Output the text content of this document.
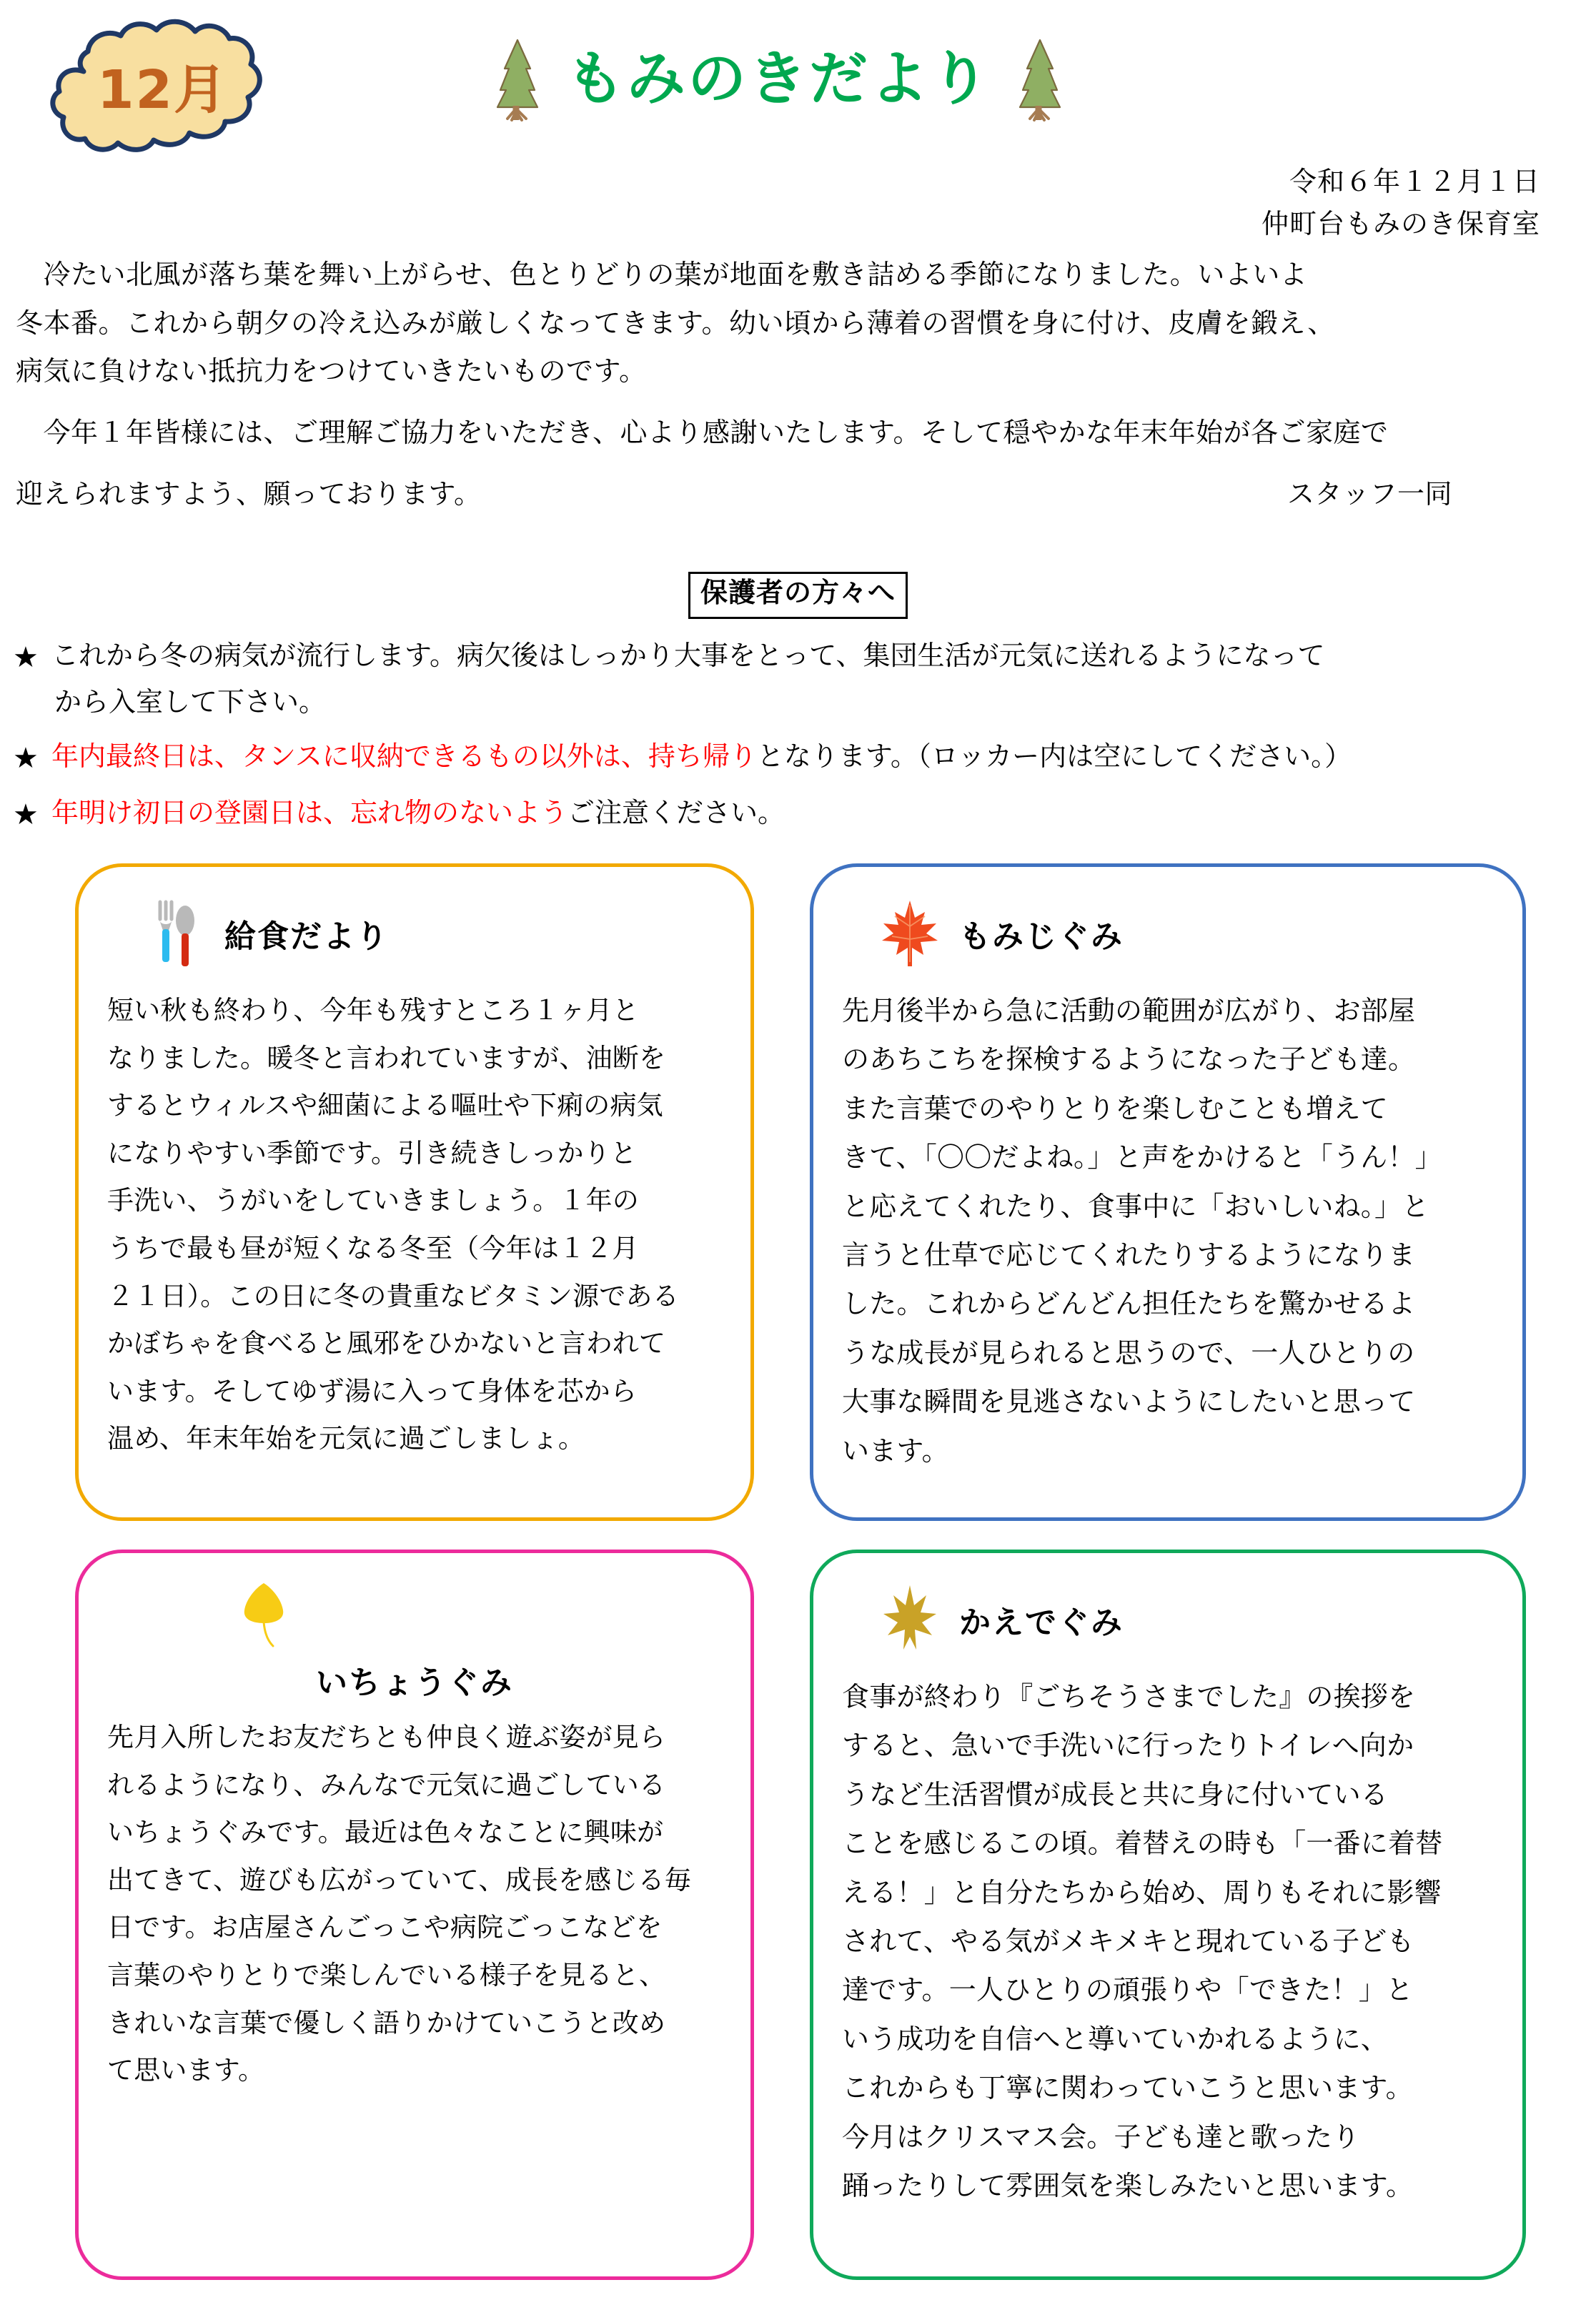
12月	もみのきだより
令和６年１２月１日
仲町台もみのき保育室

　冷たい北風が落ち葉を舞い上がらせ、色とりどりの葉が地面を敷き詰める季節になりました。いよいよ
冬本番。これから朝夕の冷え込みが厳しくなってきます。幼い頃から薄着の習慣を身に付け、皮膚を鍛え、
病気に負けない抵抗力をつけていきたいものです。

　今年１年皆様には、ご理解ご協力をいただき、心より感謝いたします。そして穏やかな年末年始が各ご家庭で

迎えられますよう、願っております。	スタッフ一同
保護者の方々へ
★ これから冬の病気が流行します。病欠後はしっかり大事をとって、集団生活が元気に送れるようになって
から入室して下さい。
★ 年内最終日は、タンスに収納できるもの以外は、持ち帰りとなります。（ロッカー内は空にしてください。）
★ 年明け初日の登園日は、忘れ物のないようご注意ください。
給食だより
短い秋も終わり、今年も残すところ１ヶ月と
なりました。暖冬と言われていますが、油断を
するとウィルスや細菌による嘔吐や下痢の病気
になりやすい季節です。引き続きしっかりと
手洗い、うがいをしていきましょう。１年の
うちで最も昼が短くなる冬至（今年は１２月
２１日）。この日に冬の貴重なビタミン源である
かぼちゃを食べると風邪をひかないと言われて
います。そしてゆず湯に入って身体を芯から
温め、年末年始を元気に過ごしましょ。
もみじぐみ
先月後半から急に活動の範囲が広がり、お部屋
のあちこちを探検するようになった子ども達。
また言葉でのやりとりを楽しむことも増えて
きて、「〇〇だよね。」と声をかけると「うん！」
と応えてくれたり、食事中に「おいしいね。」と
言うと仕草で応じてくれたりするようになりま
した。これからどんどん担任たちを驚かせるよ
うな成長が見られると思うので、一人ひとりの
大事な瞬間を見逃さないようにしたいと思って
います。
いちょうぐみ
先月入所したお友だちとも仲良く遊ぶ姿が見ら
れるようになり、みんなで元気に過ごしている
いちょうぐみです。最近は色々なことに興味が
出てきて、遊びも広がっていて、成長を感じる毎
日です。お店屋さんごっこや病院ごっこなどを
言葉のやりとりで楽しんでいる様子を見ると、
きれいな言葉で優しく語りかけていこうと改め
て思います。
かえでぐみ
食事が終わり『ごちそうさまでした』の挨拶を
すると、急いで手洗いに行ったりトイレへ向か
うなど生活習慣が成長と共に身に付いている
ことを感じるこの頃。着替えの時も「一番に着替
える！」と自分たちから始め、周りもそれに影響
されて、やる気がメキメキと現れている子ども
達です。一人ひとりの頑張りや「できた！」と
いう成功を自信へと導いていかれるように、
これからも丁寧に関わっていこうと思います。
今月はクリスマス会。子ども達と歌ったり
踊ったりして雰囲気を楽しみたいと思います。
